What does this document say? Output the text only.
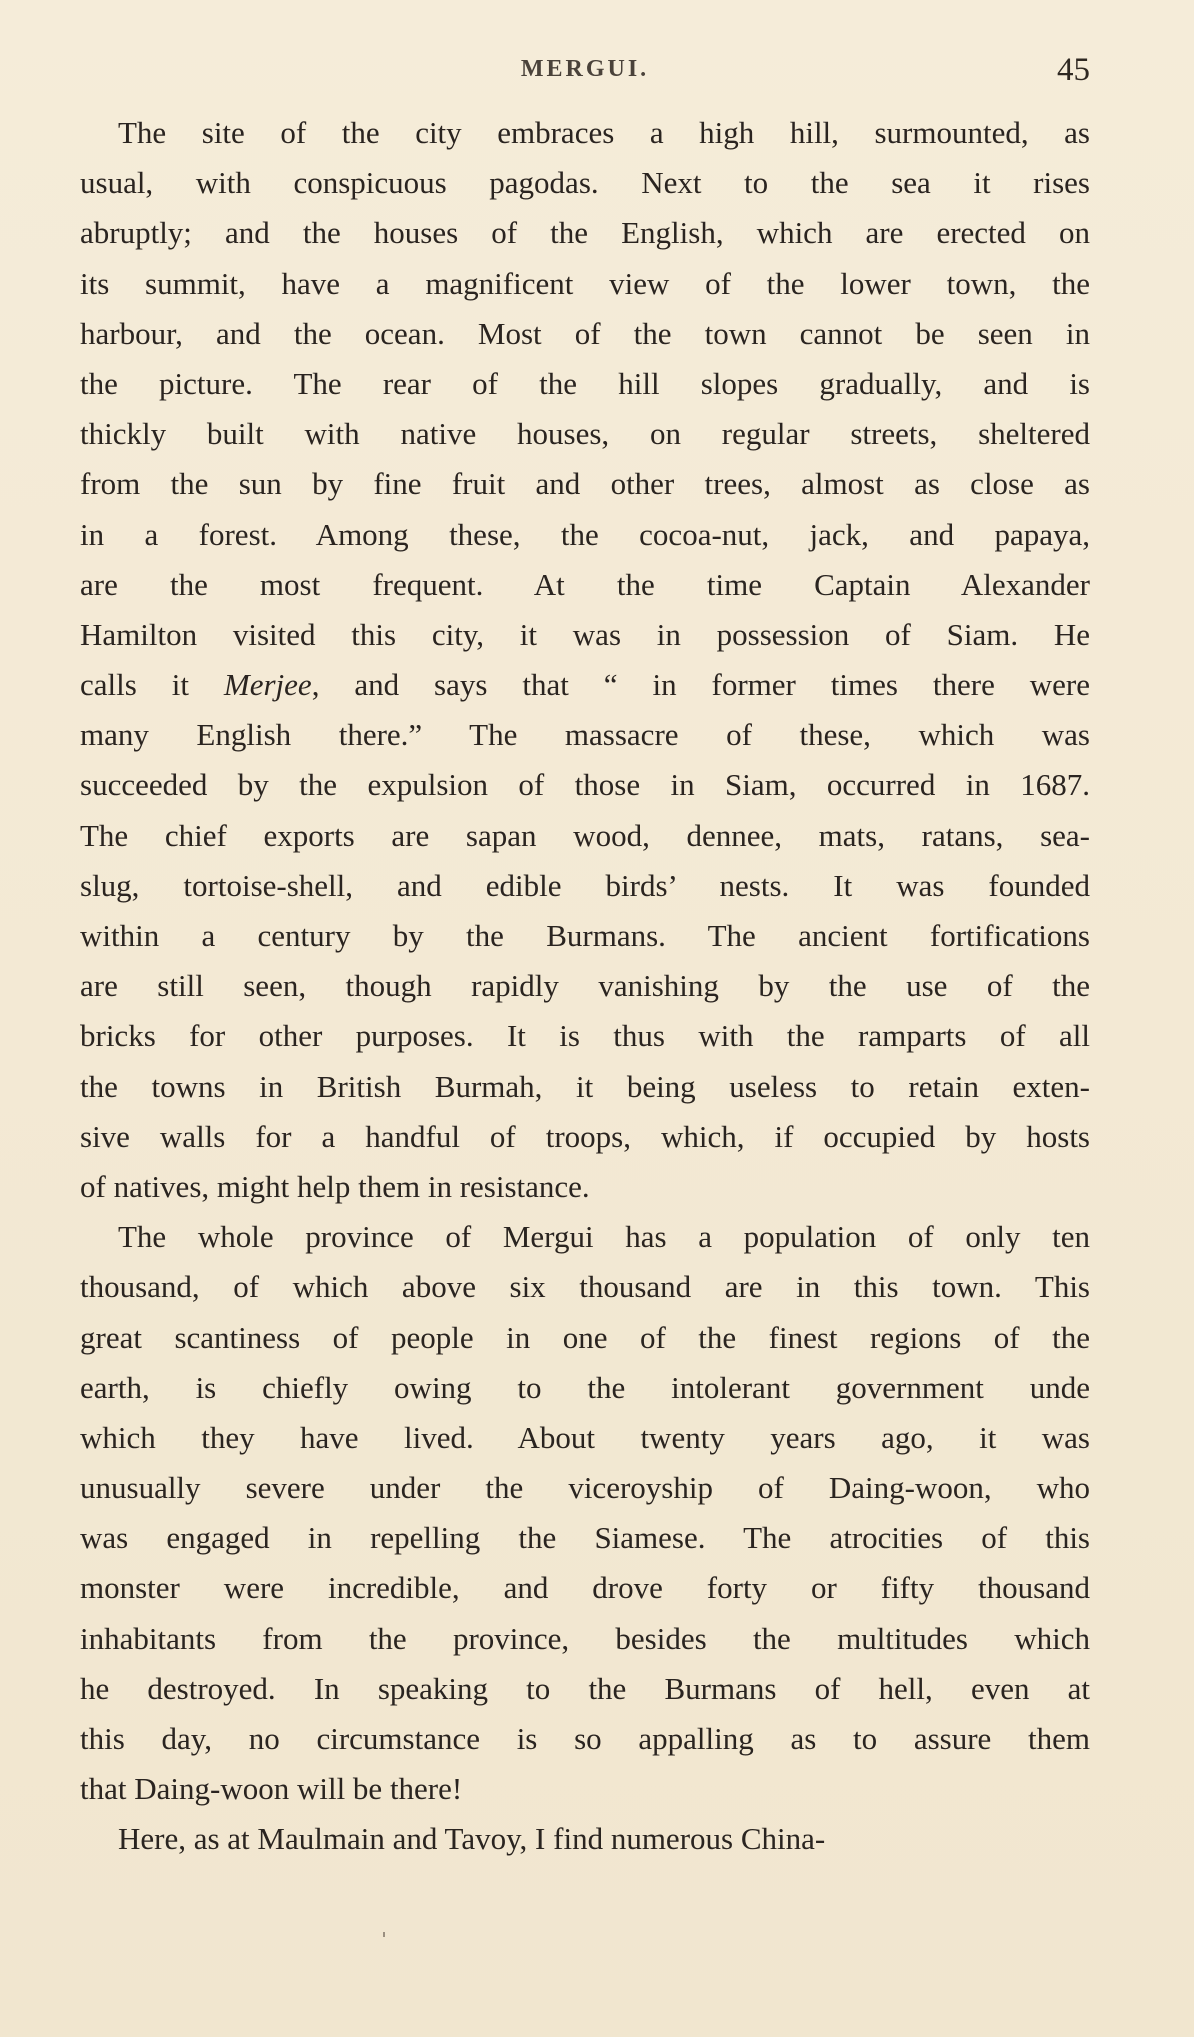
MERGUI.	45
The site of the city embraces a high hill, surmounted, as
usual, with conspicuous pagodas. Next to the sea it rises
abruptly; and the houses of the English, which are erected on
its summit, have a magnificent view of the lower town, the
harbour, and the ocean. Most of the town cannot be seen in
the picture. The rear of the hill slopes gradually, and is
thickly built with native houses, on regular streets, sheltered
from the sun by fine fruit and other trees, almost as close as
in a forest. Among these, the cocoa-nut, jack, and papaya,
are the most frequent. At the time Captain Alexander
Hamilton visited this city, it was in possession of Siam. He
calls it Merjee, and says that “ in former times there were
many English there.” The massacre of these, which was
succeeded by the expulsion of those in Siam, occurred in 1687.
The chief exports are sapan wood, dennee, mats, ratans, sea-
slug, tortoise-shell, and edible birds’ nests. It was founded
within a century by the Burmans. The ancient fortifications
are still seen, though rapidly vanishing by the use of the
bricks for other purposes. It is thus with the ramparts of all
the towns in British Burmah, it being useless to retain exten-
sive walls for a handful of troops, which, if occupied by hosts
of natives, might help them in resistance.
The whole province of Mergui has a population of only ten
thousand, of which above six thousand are in this town. This
great scantiness of people in one of the finest regions of the
earth, is chiefly owing to the intolerant government unde
which they have lived. About twenty years ago, it was
unusually severe under the viceroyship of Daing-woon, who
was engaged in repelling the Siamese. The atrocities of this
monster were incredible, and drove forty or fifty thousand
inhabitants from the province, besides the multitudes which
he destroyed. In speaking to the Burmans of hell, even at
this day, no circumstance is so appalling as to assure them
that Daing-woon will be there!
Here, as at Maulmain and Tavoy, I find numerous China-
